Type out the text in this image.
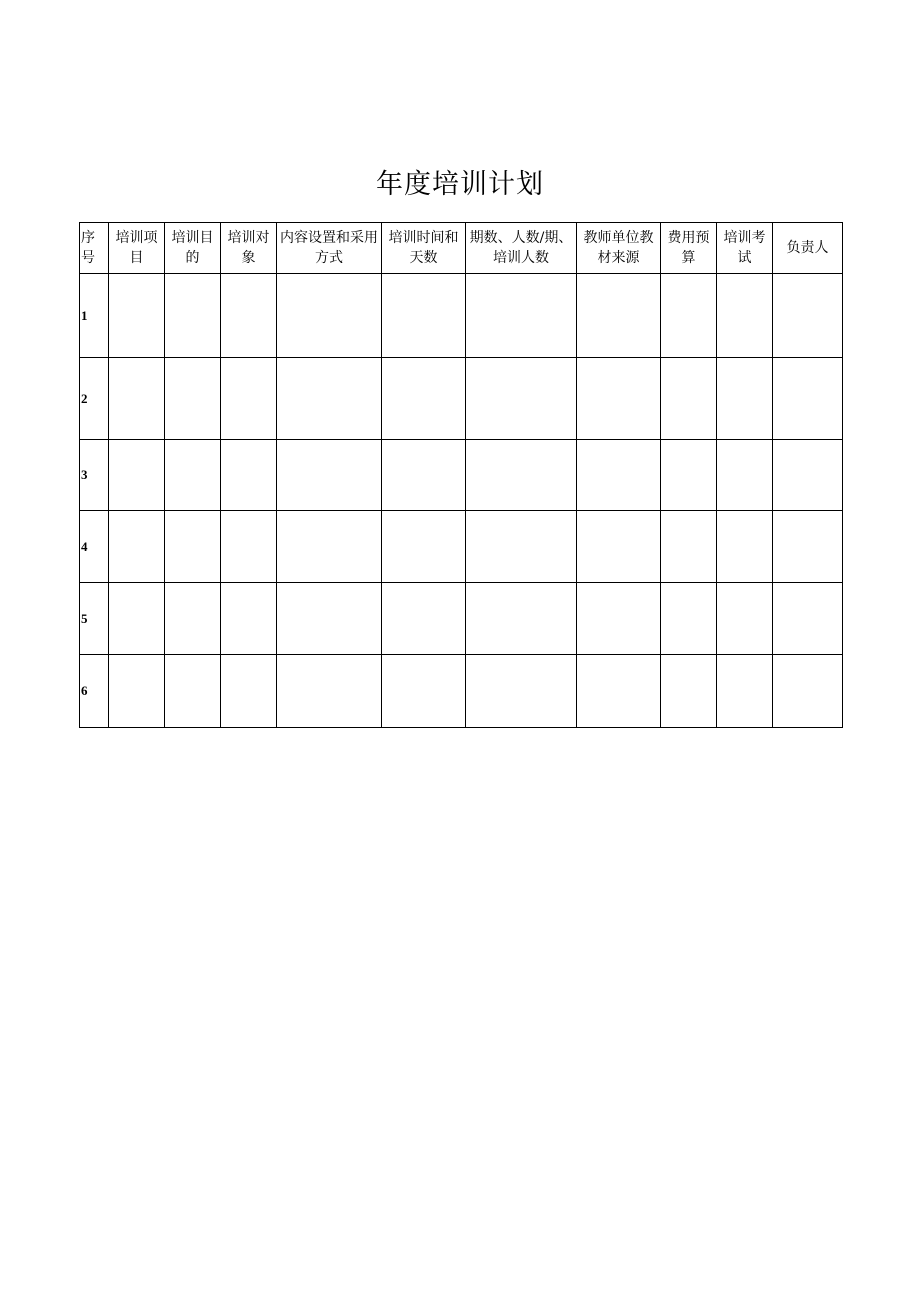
年度培训计划
序号	培训项目	培训目的	培训对象	内容设置和采用方式	培训时间和天数	期数、人数/期、培训人数	教师单位教材来源	费用预算	培训考试	负责人

1										
2										
3										
4										
5										
6										
